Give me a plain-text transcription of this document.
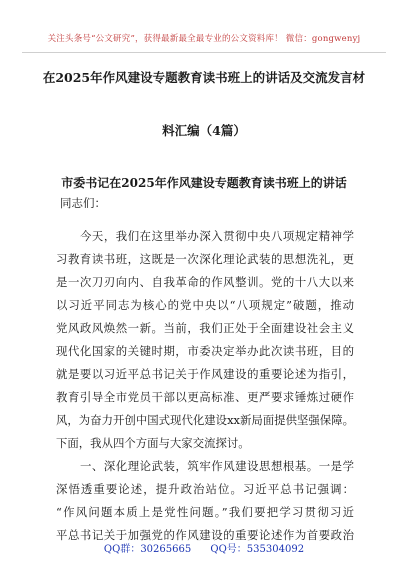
关注头条号“公文研究”，获得最新最全最专业的公文资料库！ 微信：gongwenyj
在2025年作风建设专题教育读书班上的讲话及交流发言材
料汇编（4篇）
市委书记在2025年作风建设专题教育读书班上的讲话
同志们：
今天，我们在这里举办深入贯彻中央八项规定精神学
习教育读书班，这既是一次深化理论武装的思想洗礼，更
是一次刀刃向内、自我革命的作风整训。党的十八大以来
以习近平同志为核心的党中央以“八项规定”破题，推动
党风政风焕然一新。当前，我们正处于全面建设社会主义
现代化国家的关键时期，市委决定举办此次读书班，目的
就是要以习近平总书记关于作风建设的重要论述为指引，
教育引导全市党员干部以更高标准、更严要求锤炼过硬作
风，为奋力开创中国式现代化建设xx新局面提供坚强保障。
下面，我从四个方面与大家交流探讨。
一、深化理论武装，筑牢作风建设思想根基。一是学
深悟透重要论述，提升政治站位。习近平总书记强调：
“作风问题本质上是党性问题。”我们要把学习贯彻习近
平总书记关于加强党的作风建设的重要论述作为首要政治
QQ群：30265665 QQ号：535304092
